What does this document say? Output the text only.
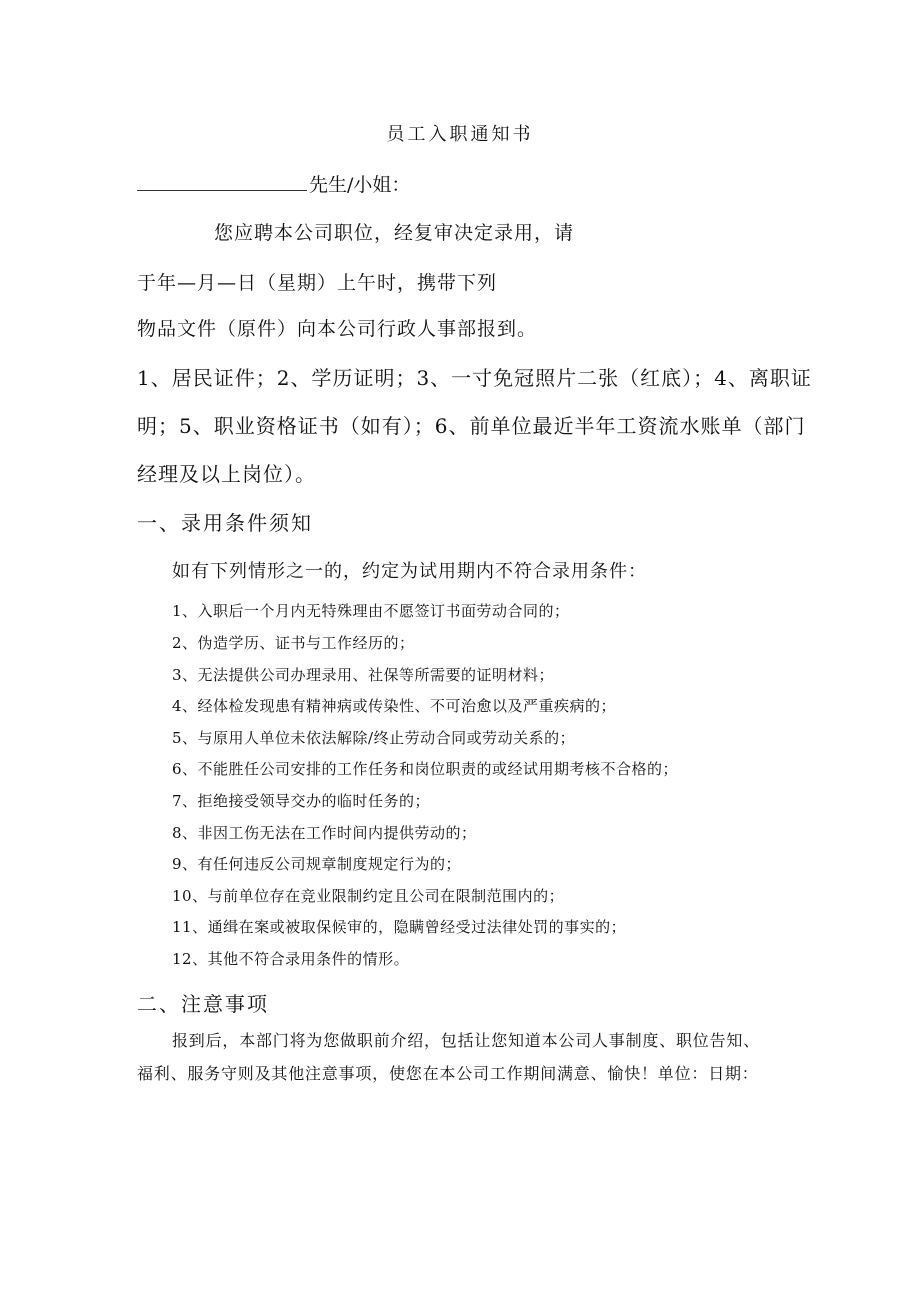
员工入职通知书
先生/小姐：
您应聘本公司职位，经复审决定录用，请
于年—月—日（星期）上午时，携带下列
物品文件（原件）向本公司行政人事部报到。
1、居民证件；2、学历证明；3、一寸免冠照片二张（红底）；4、离职证
明；5、职业资格证书（如有）；6、前单位最近半年工资流水账单（部门
经理及以上岗位）。
一、录用条件须知
如有下列情形之一的，约定为试用期内不符合录用条件：
1、入职后一个月内无特殊理由不愿签订书面劳动合同的；
2、伪造学历、证书与工作经历的；
3、无法提供公司办理录用、社保等所需要的证明材料；
4、经体检发现患有精神病或传染性、不可治愈以及严重疾病的；
5、与原用人单位未依法解除/终止劳动合同或劳动关系的；
6、不能胜任公司安排的工作任务和岗位职责的或经试用期考核不合格的；
7、拒绝接受领导交办的临时任务的；
8、非因工伤无法在工作时间内提供劳动的；
9、有任何违反公司规章制度规定行为的；
10、与前单位存在竞业限制约定且公司在限制范围内的；
11、通缉在案或被取保候审的，隐瞒曾经受过法律处罚的事实的；
12、其他不符合录用条件的情形。
二、注意事项
报到后，本部门将为您做职前介绍，包括让您知道本公司人事制度、职位告知、
福利、服务守则及其他注意事项，使您在本公司工作期间满意、愉快！单位：日期：
